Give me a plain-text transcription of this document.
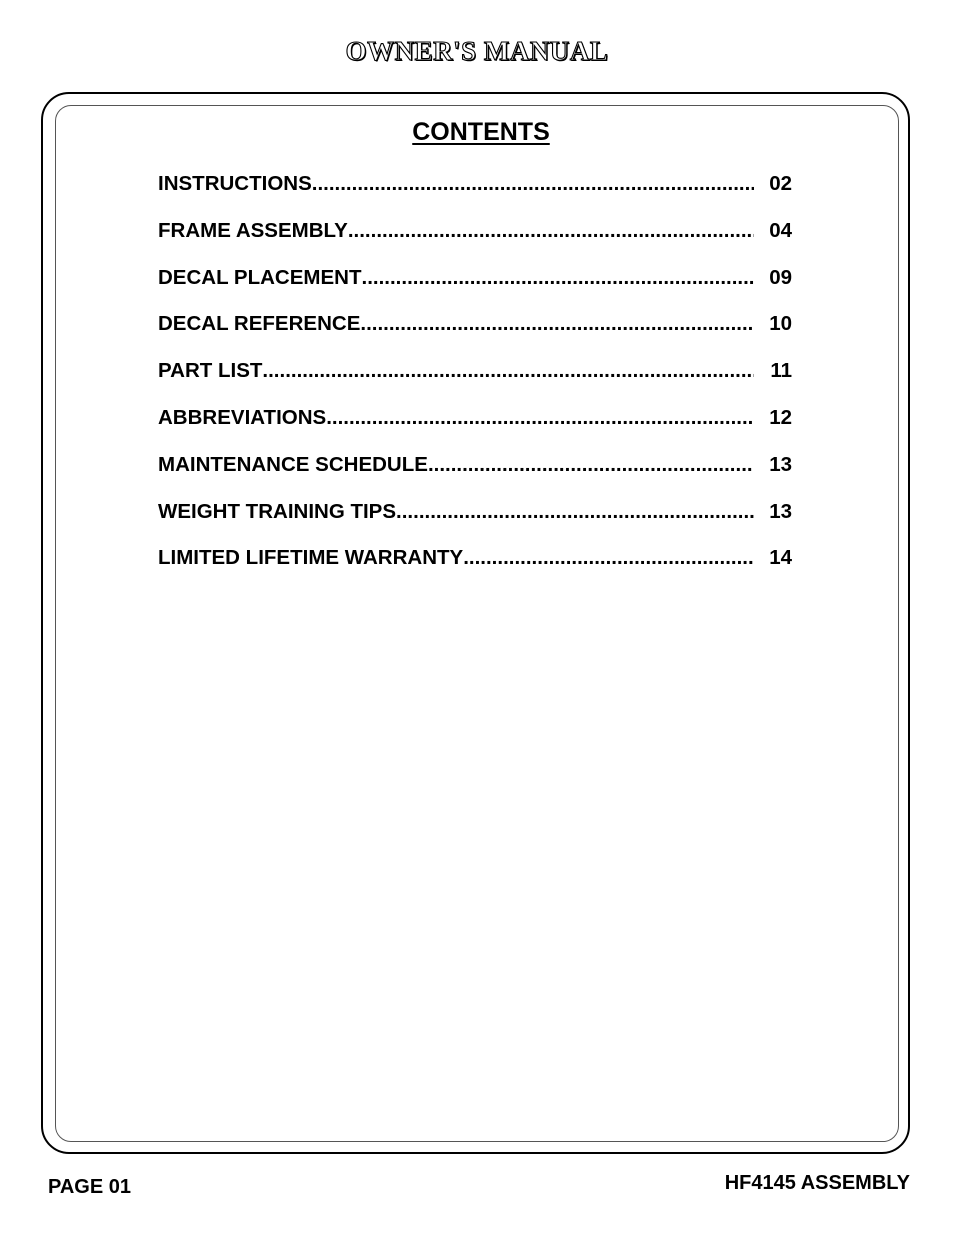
OWNER'S MANUAL
CONTENTS
INSTRUCTIONS .....	02
FRAME ASSEMBLY .....	04
DECAL PLACEMENT .....	09
DECAL REFERENCE .....	10
PART LIST .....	11
ABBREVIATIONS .....	12
MAINTENANCE SCHEDULE .....	13
WEIGHT TRAINING TIPS .....	13
LIMITED LIFETIME WARRANTY .....	14
PAGE 01	HF4145 ASSEMBLY
